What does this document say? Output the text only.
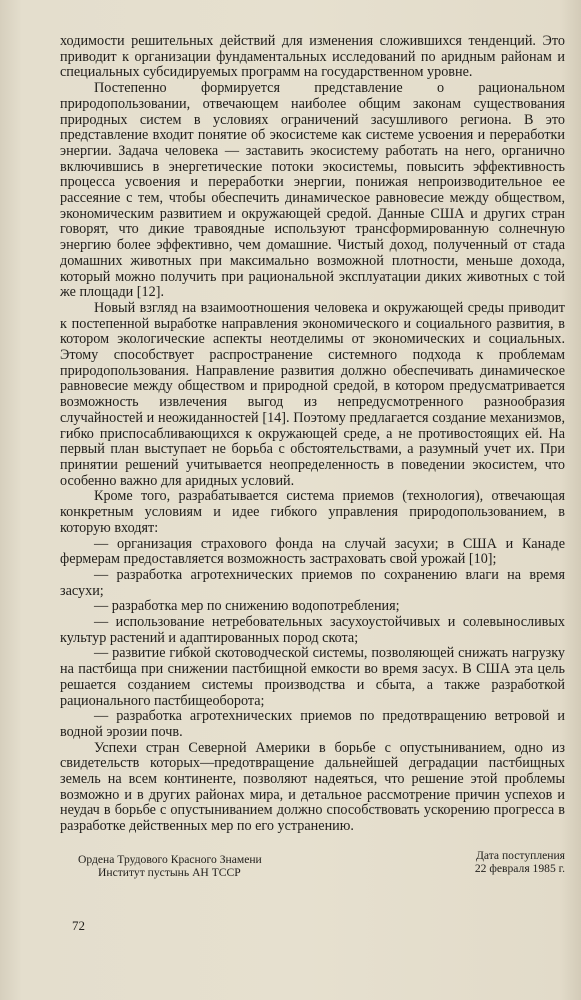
ходимости решительных действий для изменения сложившихся тенденций. Это приводит к организации фундаментальных исследований по аридным районам и специальных субсидируемых программ на государственном уровне.

Постепенно формируется представление о рациональном природопользовании, отвечающем наиболее общим законам существования природных систем в условиях ограничений засушливого региона. В это представление входит понятие об экосистеме как системе усвоения и переработки энергии. Задача человека — заставить экосистему работать на него, органично включившись в энергетические потоки экосистемы, повысить эффективность процесса усвоения и переработки энергии, понижая непроизводительное ее рассеяние с тем, чтобы обеспечить динамическое равновесие между обществом, экономическим развитием и окружающей средой. Данные США и других стран говорят, что дикие травоядные используют трансформированную солнечную энергию более эффективно, чем домашние. Чистый доход, полученный от стада домашних животных при максимально возможной плотности, меньше дохода, который можно получить при рациональной эксплуатации диких животных с той же площади [12].

Новый взгляд на взаимоотношения человека и окружающей среды приводит к постепенной выработке направления экономического и социального развития, в котором экологические аспекты неотделимы от экономических и социальных. Этому способствует распространение системного подхода к проблемам природопользования. Направление развития должно обеспечивать динамическое равновесие между обществом и природной средой, в котором предусматривается возможность извлечения выгод из непредусмотренного разнообразия случайностей и неожиданностей [14]. Поэтому предлагается создание механизмов, гибко приспосабливающихся к окружающей среде, а не противостоящих ей. На первый план выступает не борьба с обстоятельствами, а разумный учет их. При принятии решений учитывается неопределенность в поведении экосистем, что особенно важно для аридных условий.

Кроме того, разрабатывается система приемов (технология), отвечающая конкретным условиям и идее гибкого управления природопользованием, в которую входят:

— организация страхового фонда на случай засухи; в США и Канаде фермерам предоставляется возможность застраховать свой урожай [10];

— разработка агротехнических приемов по сохранению влаги на время засухи;

— разработка мер по снижению водопотребления;

— использование нетребовательных засухоустойчивых и солевыносливых культур растений и адаптированных пород скота;

— развитие гибкой скотоводческой системы, позволяющей снижать нагрузку на пастбища при снижении пастбищной емкости во время засух. В США эта цель решается созданием системы производства и сбыта, а также разработкой рационального пастбищеоборота;

— разработка агротехнических приемов по предотвращению ветровой и водной эрозии почв.

Успехи стран Северной Америки в борьбе с опустыниванием, одно из свидетельств которых—предотвращение дальнейшей деградации пастбищных земель на всем континенте, позволяют надеяться, что решение этой проблемы возможно и в других районах мира, и детальное рассмотрение причин успехов и неудач в борьбе с опустыниванием должно способствовать ускорению прогресса в разработке действенных мер по его устранению.

Ордена Трудового Красного Знамени
Институт пустынь АН ТССР
Дата поступления
22 февраля 1985 г.
72
